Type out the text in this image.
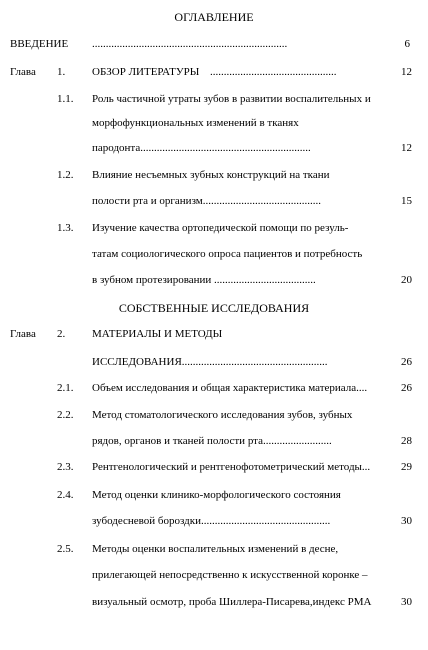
ОГЛАВЛЕНИЕ
ВВЕДЕНИЕ .......................................................................	6
Глава 1. ОБЗОР ЛИТЕРАТУРЫ ..............................................	12
1.1. Роль частичной утраты зубов в развитии воспалительных и
морфофункциональных изменений в тканях
пародонта..............................................................	12
1.2. Влияние несъемных зубных конструкций на ткани
полости рта и организм...........................................	15
1.3. Изучение качества ортопедической помощи по резуль-
татам социологического опроса пациентов и потребность
в зубном протезировании .....................................	20
СОБСТВЕННЫЕ ИССЛЕДОВАНИЯ
Глава 2. МАТЕРИАЛЫ И МЕТОДЫ
ИССЛЕДОВАНИЯ.....................................................	26
2.1. Объем исследования и общая характеристика материала....	26
2.2. Метод стоматологического исследования зубов, зубных
рядов, органов и тканей полости рта.........................	28
2.3. Рентгенологический и рентгенофотометрический методы...	29
2.4. Метод оценки клинико-морфологического состояния
зубодесневой бороздки...............................................	30
2.5. Методы оценки воспалительных изменений в десне,
прилегающей непосредственно к искусственной коронке –
визуальный осмотр, проба Шиллера-Писарева,индекс РМА	30
